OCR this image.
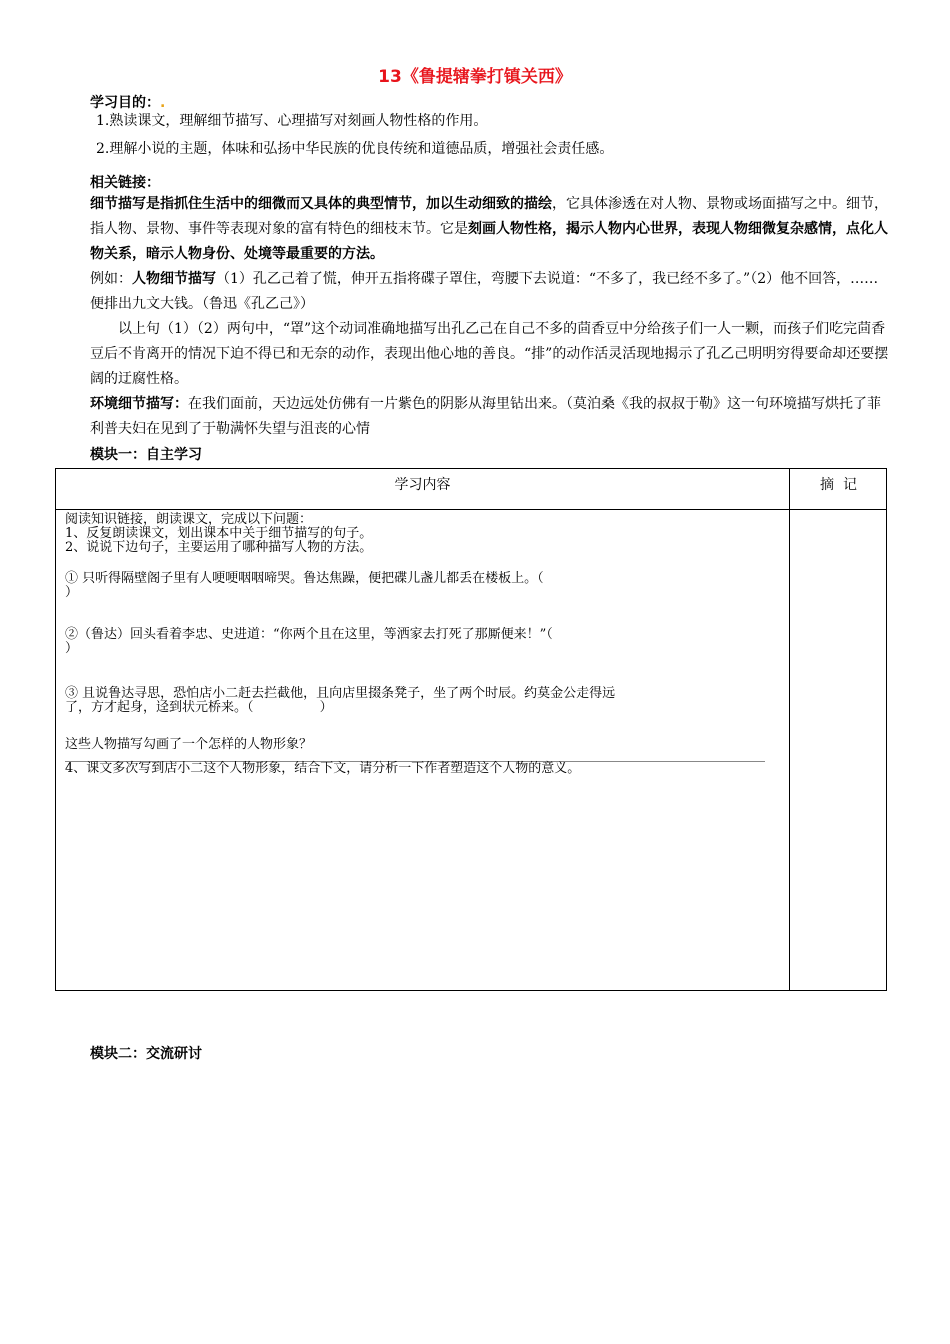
13《鲁提辖拳打镇关西》
学习目的：.
1.熟读课文，理解细节描写、心理描写对刻画人物性格的作用。
2.理解小说的主题，体味和弘扬中华民族的优良传统和道德品质，增强社会责任感。
相关链接：
细节描写是指抓住生活中的细微而又具体的典型情节，加以生动细致的描绘，它具体渗透在对人物、景物或场面描写之中。细节，指人物、景物、事件等表现对象的富有特色的细枝末节。它是刻画人物性格，揭示人物内心世界，表现人物细微复杂感情，点化人物关系，暗示人物身份、处境等最重要的方法。
例如：人物细节描写（1）孔乙己着了慌，伸开五指将碟子罩住，弯腰下去说道：“不多了，我已经不多了。”（2）他不回答，……便排出九文大钱。（鲁迅《孔乙己》）
以上句（1）（2）两句中，“罩”这个动词准确地描写出孔乙己在自己不多的茴香豆中分给孩子们一人一颗，而孩子们吃完茴香豆后不肯离开的情况下迫不得已和无奈的动作，表现出他心地的善良。“排”的动作活灵活现地揭示了孔乙己明明穷得要命却还要摆阔的迂腐性格。
环境细节描写：在我们面前，天边远处仿佛有一片紫色的阴影从海里钻出来。（莫泊桑《我的叔叔于勒》这一句环境描写烘托了菲利普夫妇在见到了于勒满怀失望与沮丧的心情
模块一：自主学习
学习内容	摘  记
阅读知识链接，朗读课文，完成以下问题：
1、反复朗读课文，划出课本中关于细节描写的句子。
2、说说下边句子，主要运用了哪种描写人物的方法。
① 只听得隔壁阁子里有人哽哽咽咽啼哭。鲁达焦躁，便把碟儿盏儿都丢在楼板上。（
）
②（鲁达）回头看着李忠、史进道：“你两个且在这里，等洒家去打死了那厮便来！”（
）
③ 且说鲁达寻思，恐怕店小二赶去拦截他，且向店里掇条凳子，坐了两个时辰。约莫金公走得远
了，方才起身，迳到状元桥来。（                ）
这些人物描写勾画了一个怎样的人物形象？
4、课文多次写到店小二这个人物形象，结合下文，请分析一下作者塑造这个人物的意义。
模块二：交流研讨
